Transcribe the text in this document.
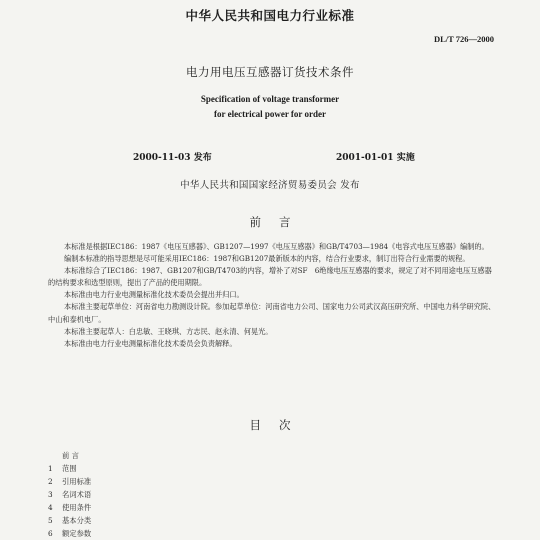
中华人民共和国电力行业标准
DL/T 726—2000
电力用电压互感器订货技术条件
Specification of voltage transformer
for electrical power for order
2000-11-03 发布	2001-01-01 实施
中华人民共和国国家经济贸易委员会 发布
前言

本标准是根据IEC186：1987《电压互感器》、GB1207—1997《电压互感器》和GB/T4703—1984《电容式电压互感器》编制的。

编制本标准的指导思想是尽可能采用IEC186：1987和GB1207最新版本的内容，结合行业要求，制订出符合行业需要的规程。

本标准综合了IEC186：1987、GB1207和GB/T4703的内容，增补了对SF　6绝缘电压互感器的要求，规定了对不同用途电压互感器的结构要求和选型原则，提出了产品的使用期限。

本标准由电力行业电测量标准化技术委员会提出并归口。

本标准主要起草单位：河南省电力勘测设计院。参加起草单位：河南省电力公司、国家电力公司武汉高压研究所、中国电力科学研究院、中山和泰机电厂。

本标准主要起草人：白忠敏、王晓琪、方志民、赵永清、何晃光。

本标准由电力行业电测量标准化技术委员会负责解释。

目次
前 言
1 范围
2 引用标准
3 名词术语
4 使用条件
5 基本分类
6 额定参数
